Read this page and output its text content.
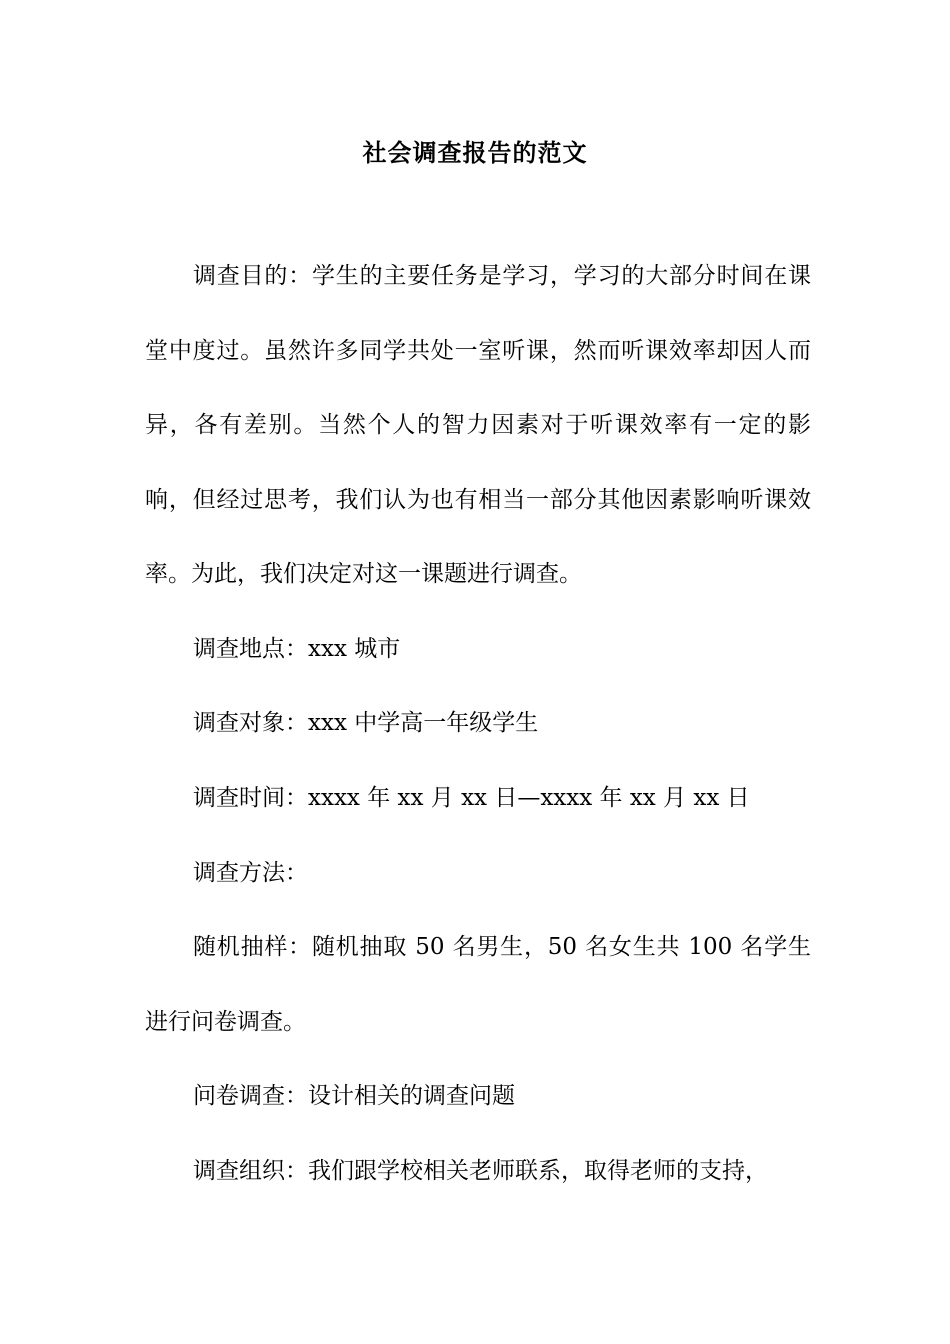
社会调查报告的范文

调查目的：学生的主要任务是学习，学习的大部分时间在课堂中度过。虽然许多同学共处一室听课，然而听课效率却因人而异，各有差别。当然个人的智力因素对于听课效率有一定的影响，但经过思考，我们认为也有相当一部分其他因素影响听课效率。为此，我们决定对这一课题进行调查。

调查地点：xxx 城市

调查对象：xxx 中学高一年级学生

调查时间：xxxx 年 xx 月 xx 日—xxxx 年 xx 月 xx 日

调查方法：

随机抽样：随机抽取 50 名男生，50 名女生共 100 名学生进行问卷调查。

问卷调查：设计相关的调查问题

调查组织：我们跟学校相关老师联系，取得老师的支持，
